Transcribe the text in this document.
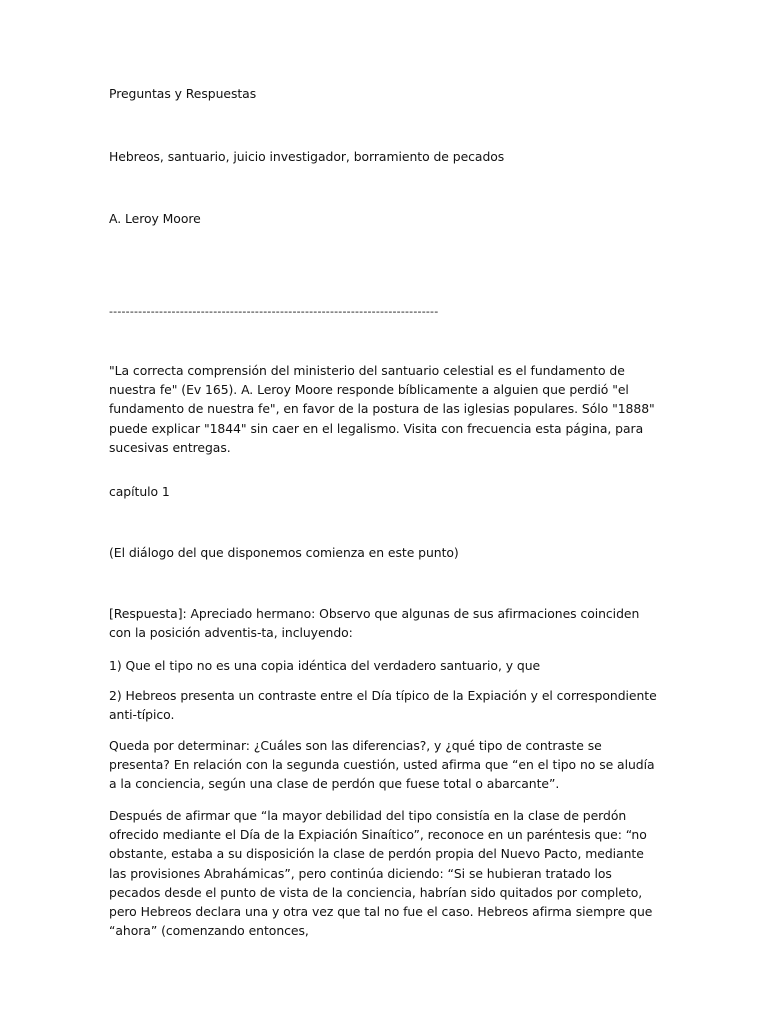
Preguntas y Respuestas
Hebreos, santuario, juicio investigador, borramiento de pecados
A. Leroy Moore
-------------------------------------------------------------------------------
"La correcta comprensión del ministerio del santuario celestial es el fundamento de nuestra fe" (Ev 165). A. Leroy Moore responde bíblicamente a alguien que perdió "el fundamento de nuestra fe", en favor de la postura de las iglesias populares. Sólo "1888" puede explicar "1844" sin caer en el legalismo. Visita con frecuencia esta página, para sucesivas entregas.
capítulo 1
(El diálogo del que disponemos comienza en este punto)
[Respuesta]: Apreciado hermano: Observo que algunas de sus afirmaciones coinciden con la posición adventis-ta, incluyendo:
1) Que el tipo no es una copia idéntica del verdadero santuario, y que
2) Hebreos presenta un contraste entre el Día típico de la Expiación y el correspondiente anti-típico.
Queda por determinar: ¿Cuáles son las diferencias?, y ¿qué tipo de contraste se presenta? En relación con la segunda cuestión, usted afirma que “en el tipo no se aludía a la conciencia, según una clase de perdón que fuese total o abarcante”.
Después de afirmar que “la mayor debilidad del tipo consistía en la clase de perdón ofrecido mediante el Día de la Expiación Sinaítico”, reconoce en un paréntesis que: “no obstante, estaba a su disposición la clase de perdón propia del Nuevo Pacto, mediante las provisiones Abrahámicas”, pero continúa diciendo: “Si se hubieran tratado los pecados desde el punto de vista de la conciencia, habrían sido quitados por completo, pero Hebreos declara una y otra vez que tal no fue el caso. Hebreos afirma siempre que “ahora” (comenzando entonces,
